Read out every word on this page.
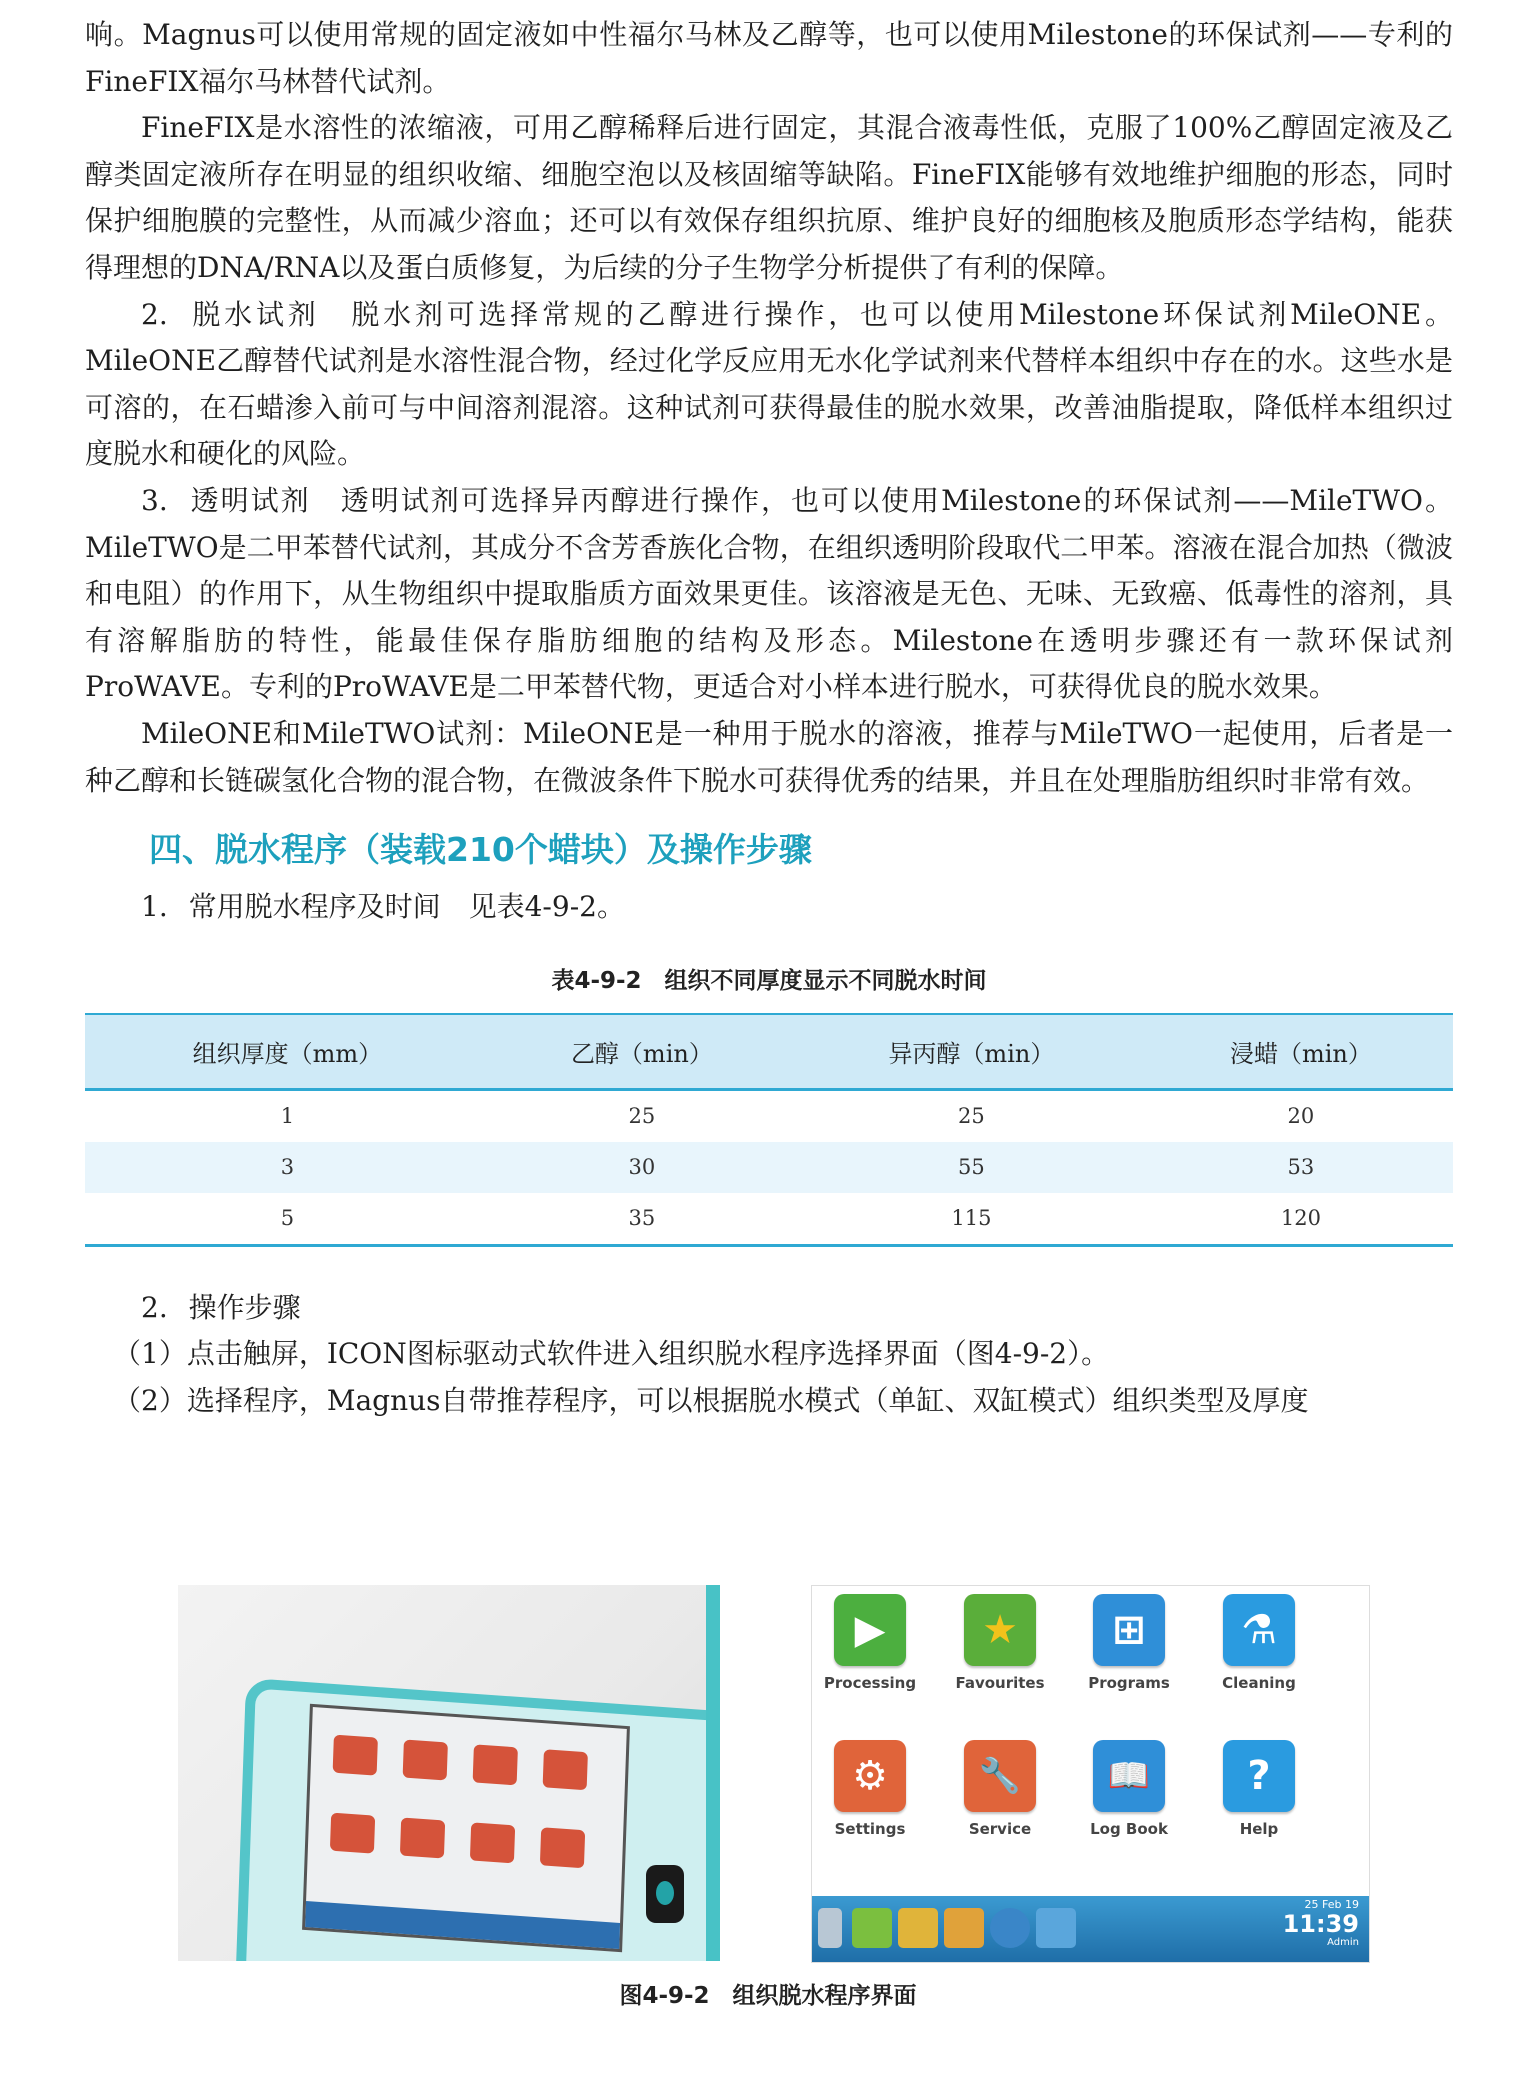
响。Magnus可以使用常规的固定液如中性福尔马林及乙醇等，也可以使用Milestone的环保试剂——专利的FineFIX福尔马林替代试剂。

FineFIX是水溶性的浓缩液，可用乙醇稀释后进行固定，其混合液毒性低，克服了100%乙醇固定液及乙醇类固定液所存在明显的组织收缩、细胞空泡以及核固缩等缺陷。FineFIX能够有效地维护细胞的形态，同时保护细胞膜的完整性，从而减少溶血；还可以有效保存组织抗原、维护良好的细胞核及胞质形态学结构，能获得理想的DNA/RNA以及蛋白质修复，为后续的分子生物学分析提供了有利的保障。

2. 脱水试剂 脱水剂可选择常规的乙醇进行操作，也可以使用Milestone环保试剂MileONE。MileONE乙醇替代试剂是水溶性混合物，经过化学反应用无水化学试剂来代替样本组织中存在的水。这些水是可溶的，在石蜡渗入前可与中间溶剂混溶。这种试剂可获得最佳的脱水效果，改善油脂提取，降低样本组织过度脱水和硬化的风险。

3. 透明试剂 透明试剂可选择异丙醇进行操作，也可以使用Milestone的环保试剂——MileTWO。MileTWO是二甲苯替代试剂，其成分不含芳香族化合物，在组织透明阶段取代二甲苯。溶液在混合加热（微波和电阻）的作用下，从生物组织中提取脂质方面效果更佳。该溶液是无色、无味、无致癌、低毒性的溶剂，具有溶解脂肪的特性，能最佳保存脂肪细胞的结构及形态。Milestone在透明步骤还有一款环保试剂ProWAVE。专利的ProWAVE是二甲苯替代物，更适合对小样本进行脱水，可获得优良的脱水效果。

MileONE和MileTWO试剂：MileONE是一种用于脱水的溶液，推荐与MileTWO一起使用，后者是一种乙醇和长链碳氢化合物的混合物，在微波条件下脱水可获得优秀的结果，并且在处理脂肪组织时非常有效。

四、脱水程序（装载210个蜡块）及操作步骤

1. 常用脱水程序及时间 见表4-9-2。

表4-9-2　组织不同厚度显示不同脱水时间

组织厚度（mm）	乙醇（min）	异丙醇（min）	浸蜡（min）
1	25	25	20
3	30	55	53
5	35	115	120

2. 操作步骤

（1）点击触屏，ICON图标驱动式软件进入组织脱水程序选择界面（图4-9-2）。

（2）选择程序，Magnus自带推荐程序，可以根据脱水模式（单缸、双缸模式）组织类型及厚度

▶
Processing
★
Favourites
⊞
Programs
⚗
Cleaning
⚙
Settings
🔧
Service
📖
Log Book
?
Help
25 Feb 19
11:39
Admin
图4-9-2　组织脱水程序界面
